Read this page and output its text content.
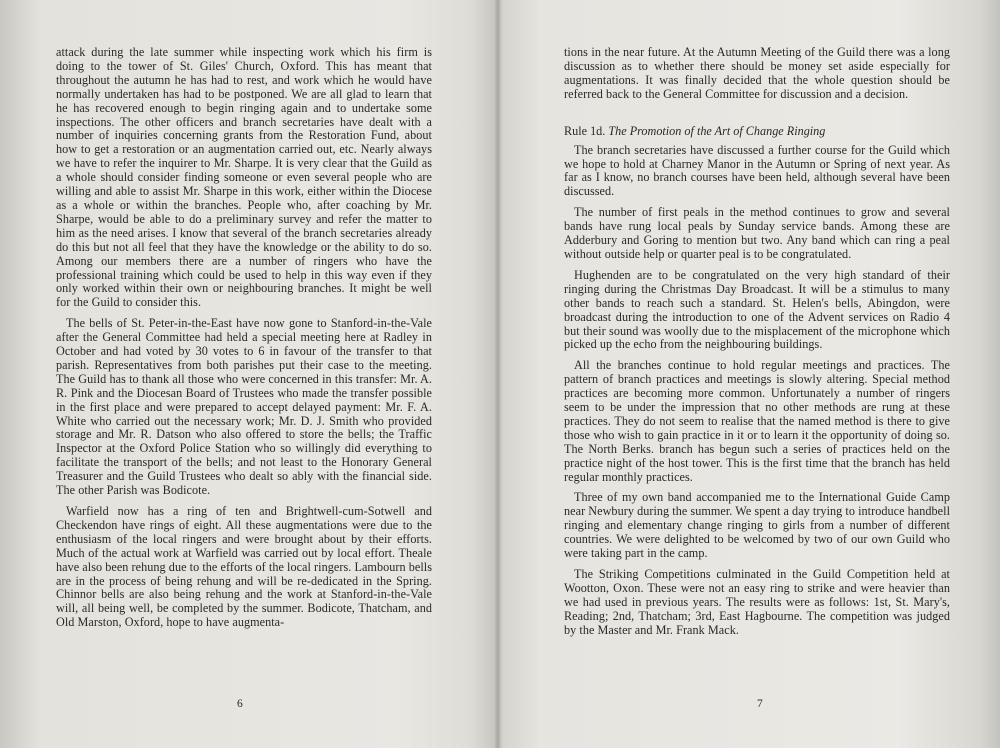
attack during the late summer while inspecting work which his firm is doing to the tower of St. Giles' Church, Oxford. This has meant that throughout the autumn he has had to rest, and work which he would have normally undertaken has had to be postponed. We are all glad to learn that he has recovered enough to begin ringing again and to undertake some inspections. The other officers and branch secretaries have dealt with a number of inquiries concerning grants from the Restoration Fund, about how to get a restoration or an augmentation carried out, etc. Nearly always we have to refer the inquirer to Mr. Sharpe. It is very clear that the Guild as a whole should consider finding someone or even several people who are willing and able to assist Mr. Sharpe in this work, either within the Diocese as a whole or within the branches. People who, after coaching by Mr. Sharpe, would be able to do a preliminary survey and refer the matter to him as the need arises. I know that several of the branch secretaries already do this but not all feel that they have the knowledge or the ability to do so. Among our members there are a number of ringers who have the professional training which could be used to help in this way even if they only worked within their own or neighbouring branches. It might be well for the Guild to consider this.

The bells of St. Peter-in-the-East have now gone to Stanford-in-the-Vale after the General Committee had held a special meeting here at Radley in October and had voted by 30 votes to 6 in favour of the transfer to that parish. Representatives from both parishes put their case to the meeting. The Guild has to thank all those who were concerned in this transfer: Mr. A. R. Pink and the Diocesan Board of Trustees who made the transfer possible in the first place and were prepared to accept delayed payment: Mr. F. A. White who carried out the necessary work; Mr. D. J. Smith who provided storage and Mr. R. Datson who also offered to store the bells; the Traffic Inspector at the Oxford Police Station who so willingly did everything to facilitate the transport of the bells; and not least to the Honorary General Treasurer and the Guild Trustees who dealt so ably with the financial side. The other Parish was Bodicote.

Warfield now has a ring of ten and Brightwell-cum-Sotwell and Checkendon have rings of eight. All these augmentations were due to the enthusiasm of the local ringers and were brought about by their efforts. Much of the actual work at Warfield was carried out by local effort. Theale have also been rehung due to the efforts of the local ringers. Lambourn bells are in the process of being rehung and will be re-dedicated in the Spring. Chinnor bells are also being rehung and the work at Stanford-in-the-Vale will, all being well, be completed by the summer. Bodicote, Thatcham, and Old Marston, Oxford, hope to have augmenta-

6

tions in the near future. At the Autumn Meeting of the Guild there was a long discussion as to whether there should be money set aside especially for augmentations. It was finally decided that the whole question should be referred back to the General Committee for discussion and a decision.

Rule 1d. The Promotion of the Art of Change Ringing

The branch secretaries have discussed a further course for the Guild which we hope to hold at Charney Manor in the Autumn or Spring of next year. As far as I know, no branch courses have been held, although several have been discussed.

The number of first peals in the method continues to grow and several bands have rung local peals by Sunday service bands. Among these are Adderbury and Goring to mention but two. Any band which can ring a peal without outside help or quarter peal is to be congratulated.

Hughenden are to be congratulated on the very high standard of their ringing during the Christmas Day Broadcast. It will be a stimulus to many other bands to reach such a standard. St. Helen's bells, Abingdon, were broadcast during the introduction to one of the Advent services on Radio 4 but their sound was woolly due to the misplacement of the microphone which picked up the echo from the neighbouring buildings.

All the branches continue to hold regular meetings and practices. The pattern of branch practices and meetings is slowly altering. Special method practices are becoming more common. Unfortunately a number of ringers seem to be under the impression that no other methods are rung at these practices. They do not seem to realise that the named method is there to give those who wish to gain practice in it or to learn it the opportunity of doing so. The North Berks. branch has begun such a series of practices held on the practice night of the host tower. This is the first time that the branch has held regular monthly practices.

Three of my own band accompanied me to the International Guide Camp near Newbury during the summer. We spent a day trying to introduce handbell ringing and elementary change ringing to girls from a number of different countries. We were delighted to be welcomed by two of our own Guild who were taking part in the camp.

The Striking Competitions culminated in the Guild Competition held at Wootton, Oxon. These were not an easy ring to strike and were heavier than we had used in previous years. The results were as follows: 1st, St. Mary's, Reading; 2nd, Thatcham; 3rd, East Hagbourne. The competition was judged by the Master and Mr. Frank Mack.

7
